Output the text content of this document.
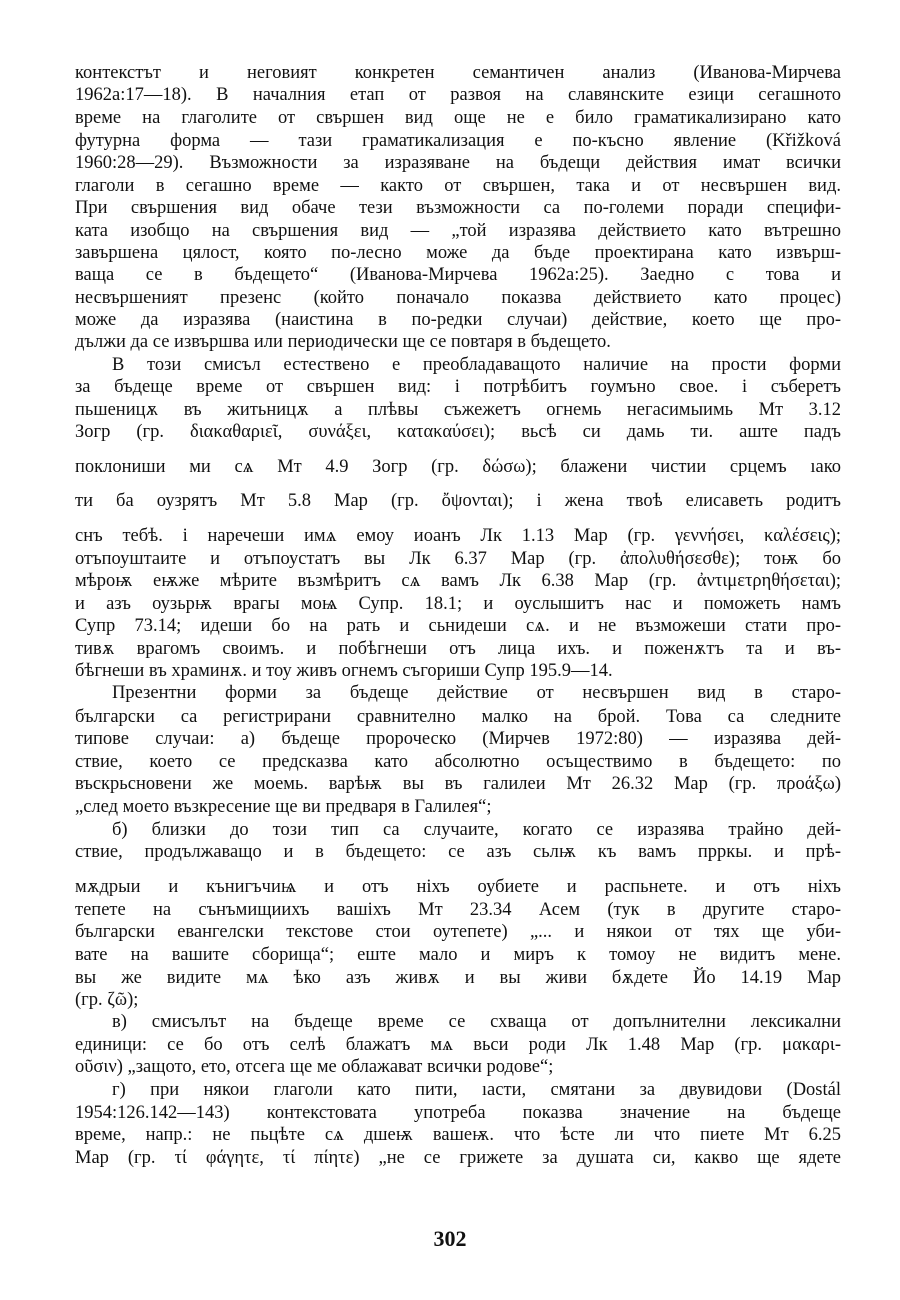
контекстът и неговият конкретен семантичен анализ (Иванова-Мирчева
1962а:17—18). В началния етап от развоя на славянските езици сегашното
време на глаголите от свършен вид още не е било граматикализирано като
футурна форма — тази граматикализация е по-късно явление (Křižková
1960:28—29). Възможности за изразяване на бъдещи действия имат всички
глаголи в сегашно време — както от свършен, така и от несвършен вид.
При свършения вид обаче тези възможности са по-големи поради специфи-
ката изобщо на свършения вид — „той изразява действието като вътрешно
завършена цялост, която по-лесно може да бъде проектирана като извърш-
ваща се в бъдещето“ (Иванова-Мирчева 1962а:25). Заедно с това и
несвършеният презенс (който поначало показва действието като процес)
може да изразява (наистина в по-редки случаи) действие, което ще про-
дължи да се извършва или периодически ще се повтаря в бъдещето.
В този смисъл естествено е преобладаващото наличие на прости форми
за бъдеще време от свършен вид: і потрѣбитъ гоумъно свое. і съберетъ
пьшеницѫ въ житьницѫ а плѣвы съжежетъ огнемь негасимыимь Мт 3.12
Зогр (гр. διακαθαριεῖ, συνάξει, κατακαύσει); вьсѣ си дамь ти. аште падъ
поклониши ми сѧ Мт 4.9 Зогр (гр. δώσω); блажени чистии срцемъ ıако
ти ба оузрятъ Мт 5.8 Мар (гр. ὄψονται); і жена твоѣ елисаветь родитъ
снъ тебѣ. і наречеши имѧ емоу иоанъ Лк 1.13 Мар (гр. γεννήσει, καλέσεις);
отъпоуштаите и отъпоустатъ вы Лк 6.37 Мар (гр. ἀπολυθήσεσθε); тоѭ бо
мѣроѭ еѭже мѣрите възмѣритъ сѧ вамъ Лк 6.38 Мар (гр. ἀντιμετρηθήσεται);
и азъ оузьрѭ врагы моѩ Супр. 18.1; и оуслышитъ нас и поможеть намъ
Супр 73.14; идеши бо на рать и сьнидеши сѧ. и не възможеши стати про-
тивѫ врагомъ своимъ. и побѣгнеши отъ лица ихъ. и поженѫтъ та и въ-
бѣгнеши въ храминѫ. и тоу живъ огнемъ съгориши Супр 195.9—14.
Презентни форми за бъдеще действие от несвършен вид в старо-
български са регистрирани сравнително малко на брой. Това са следните
типове случаи: а) бъдеще пророческо (Мирчев 1972:80) — изразява дей-
ствие, което се предсказва като абсолютно осъществимо в бъдещето: по
въскрьсновени же моемь. варѣѭ вы въ галилеи Мт 26.32 Мар (гр. προάξω)
„след моето възкресение ще ви предваря в Галилея“;
б) близки до този тип са случаите, когато се изразява трайно дей-
ствие, продължаващо и в бъдещето: се азъ сьлѭ къ вамъ прркы. и прѣ-
мѫдрыи и кънигъчиѩ и отъ ніхъ оубиете и распьнете. и отъ ніхъ
тепете на сънъмищиихъ вашіхъ Мт 23.34 Асем (тук в другите старо-
български евангелски текстове стои оутепете) „... и някои от тях ще уби-
вате на вашите сборища“; еште мало и миръ к томоу не видитъ мене.
вы же видите мѧ ѣко азъ живѫ и вы живи бѫдете Йо 14.19 Мар
(гр. ζῶ);
в) смисълът на бъдеще време се схваща от допълнителни лексикални
единици: се бо отъ селѣ блажатъ мѧ вьси роди Лк 1.48 Мар (гр. μακαρι-
οῦσιν) „защото, ето, отсега ще ме облажават всички родове“;
г) при някои глаголи като пити, ıасти, смятани за двувидови (Dostál
1954:126.142—143) контекстовата употреба показва значение на бъдеще
време, напр.: не пьцѣте сѧ дшеѭ вашеѭ. что ѣсте ли что пиете Мт 6.25
Мар (гр. τί φάγητε, τί πίητε) „не се грижете за душата си, какво ще ядете
302
